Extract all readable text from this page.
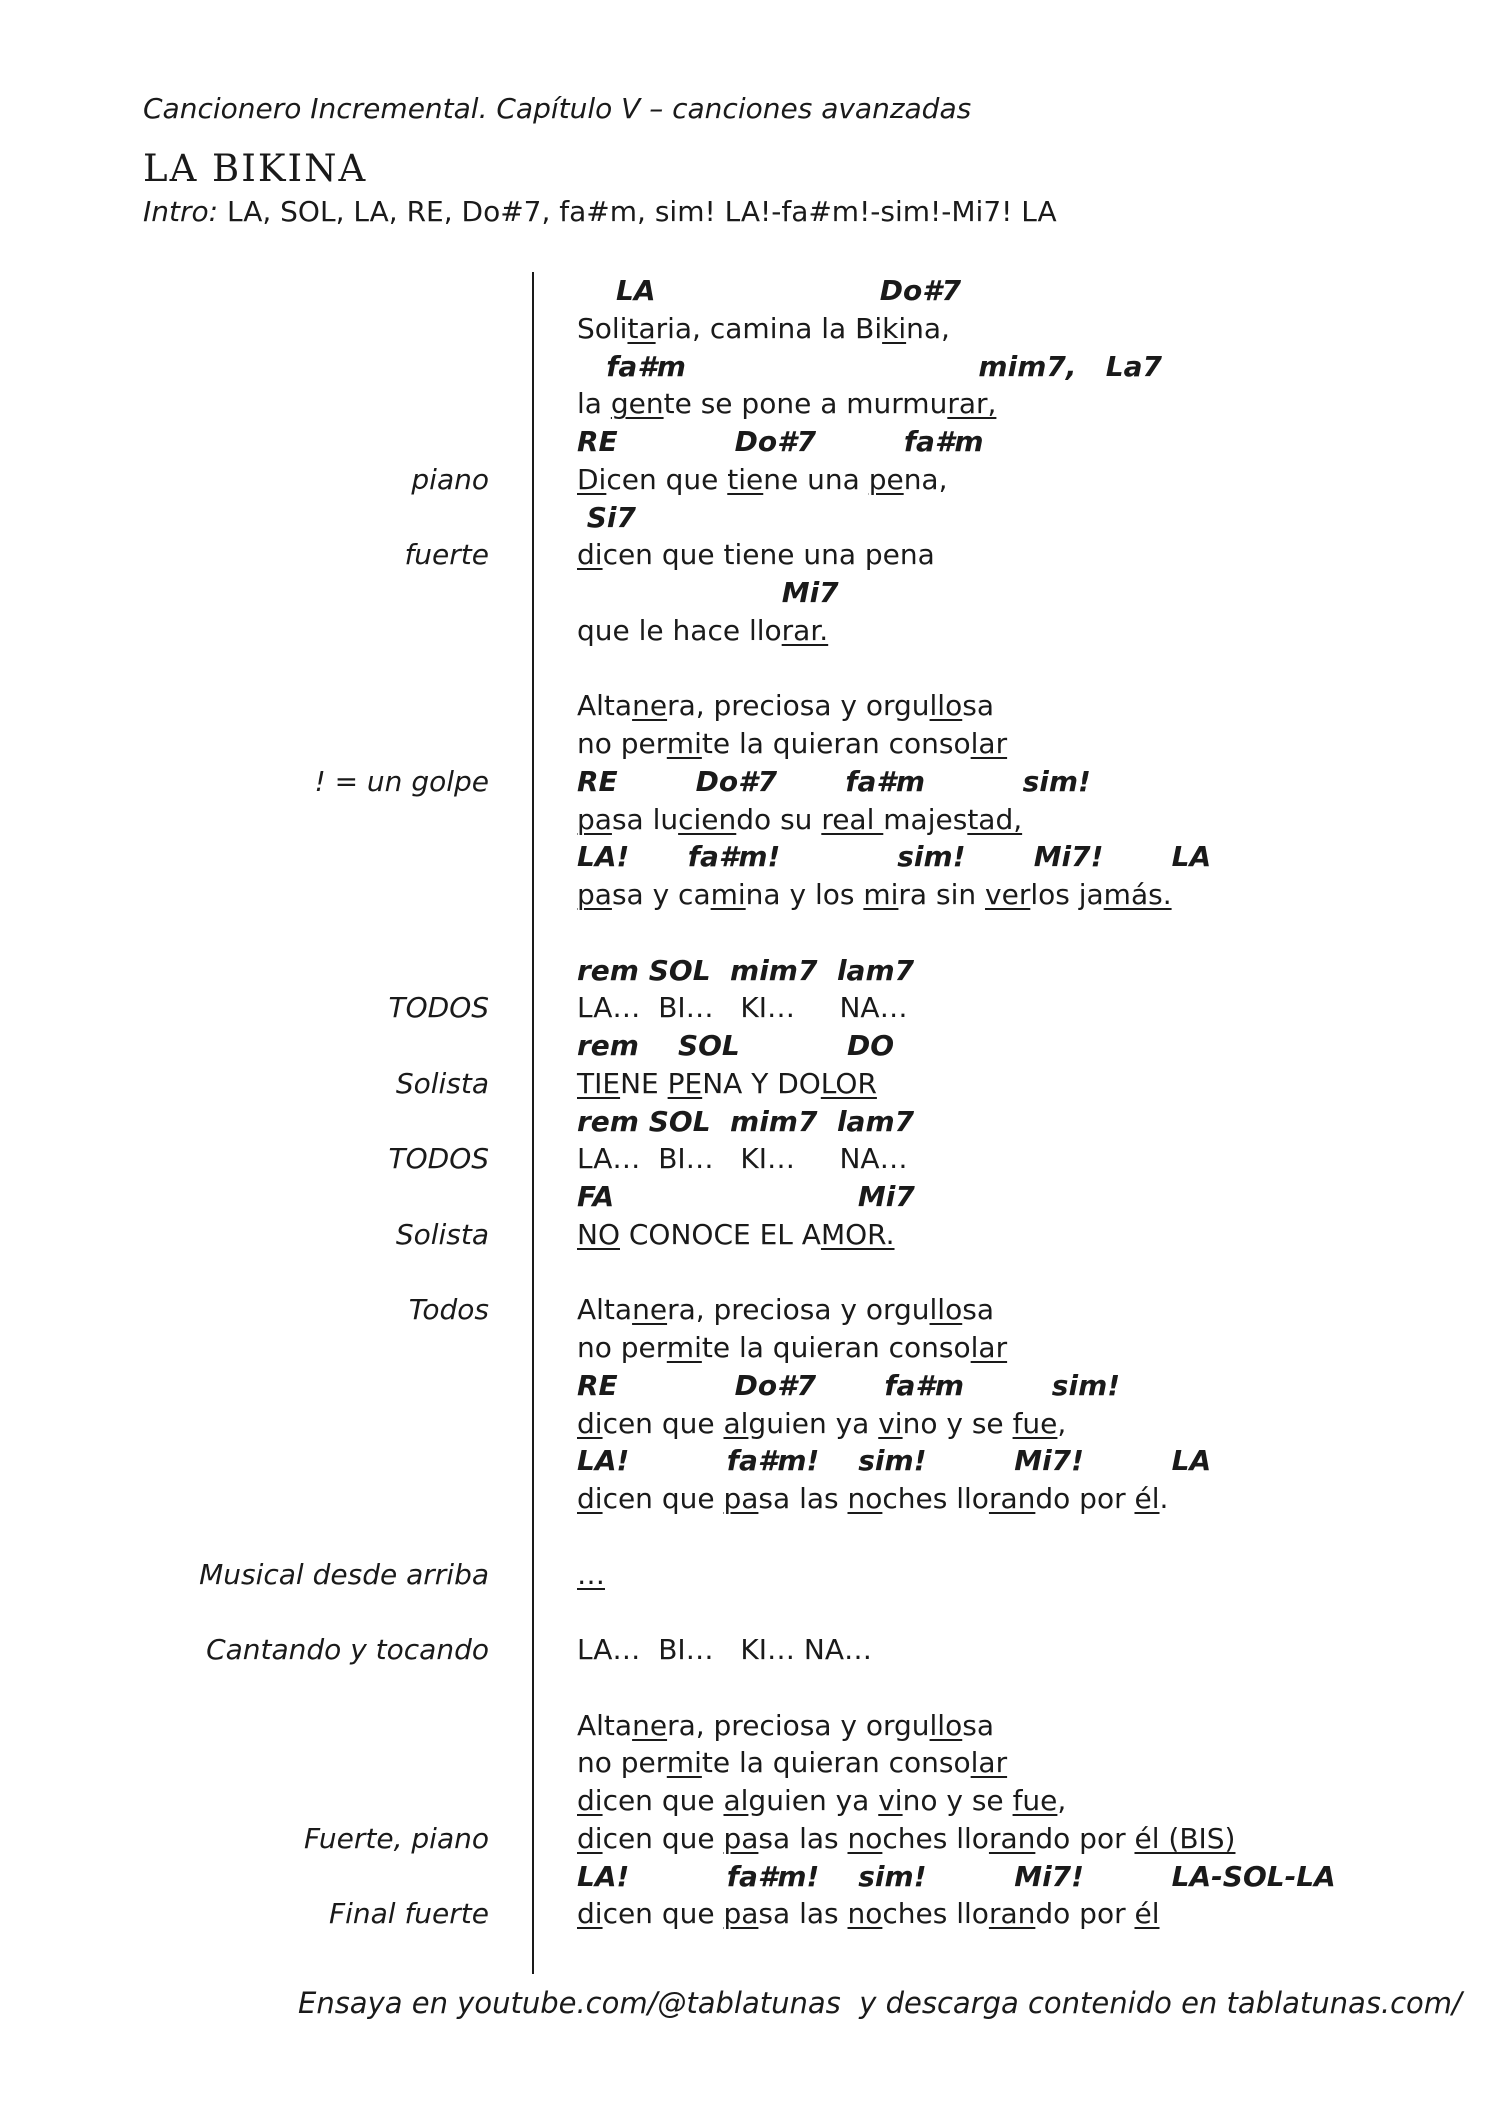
Cancionero Incremental. Capítulo V – canciones avanzadas
LA BIKINA
Intro: LA, SOL, LA, RE, Do#7, fa#m, sim! LA!-fa#m!-sim!-Mi7! LA
LA                       Do#7
Solitaria, camina la Bikina,
fa#m                              mim7,   La7
la gente se pone a murmurar,
RE            Do#7         fa#m
Dicen que tiene una pena,
Si7
dicen que tiene una pena
Mi7
que le hace llorar.
Altanera, preciosa y orgullosa
no permite la quieran consolar
RE        Do#7       fa#m          sim!
pasa luciendo su real majestad,
LA!      fa#m!            sim!       Mi7!       LA
pasa y camina y los mira sin verlos jamás.
rem SOL  mim7  lam7
LA…  BI…   KI…     NA…
rem    SOL           DO
TIENE PENA Y DOLOR
rem SOL  mim7  lam7
LA…  BI…   KI…     NA…
FA                         Mi7
NO CONOCE EL AMOR.
Altanera, preciosa y orgullosa
no permite la quieran consolar
RE            Do#7       fa#m         sim!
dicen que alguien ya vino y se fue,
LA!          fa#m!    sim!         Mi7!         LA
dicen que pasa las noches llorando por él.
…
LA…  BI…   KI… NA…
Altanera, preciosa y orgullosa
no permite la quieran consolar
dicen que alguien ya vino y se fue,
dicen que pasa las noches llorando por él (BIS)
LA!          fa#m!    sim!         Mi7!         LA-SOL-LA
dicen que pasa las noches llorando por él
piano
fuerte
! = un golpe
TODOS
Solista
TODOS
Solista
Todos
Musical desde arriba
Cantando y tocando
Fuerte, piano
Final fuerte
Ensaya en youtube.com/@tablatunas  y descarga contenido en tablatunas.com/
